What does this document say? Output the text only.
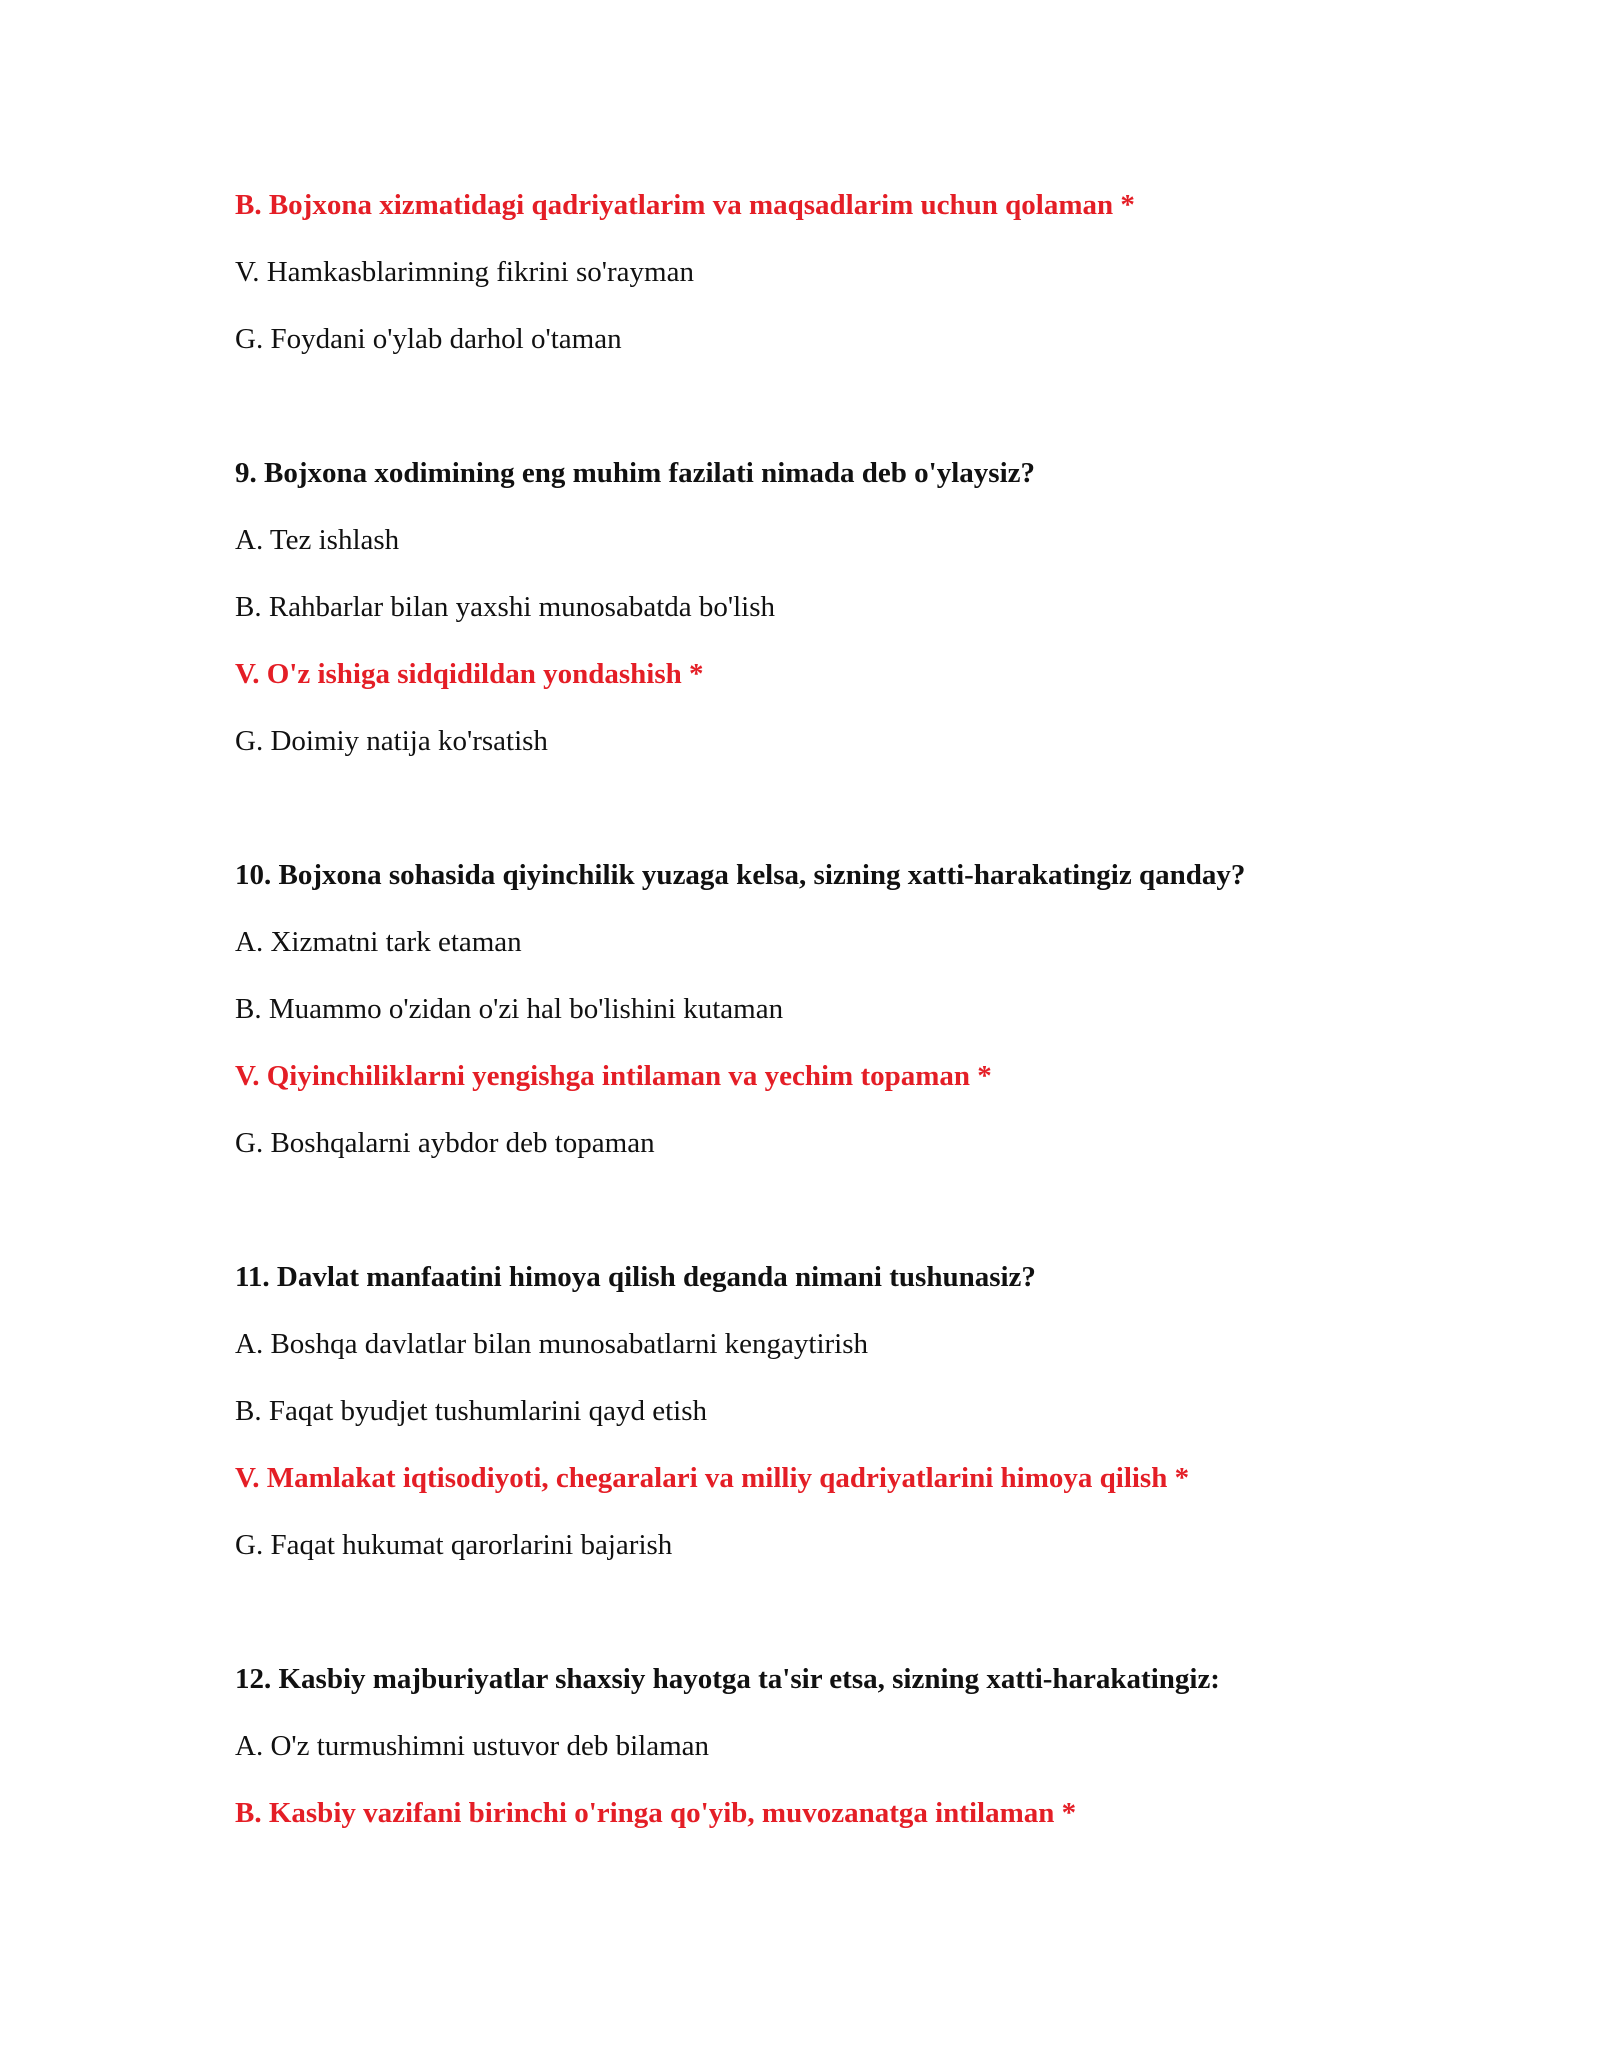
B. Bojxona xizmatidagi qadriyatlarim va maqsadlarim uchun qolaman *
V. Hamkasblarimning fikrini so'rayman
G. Foydani o'ylab darhol o'taman
9. Bojxona xodimining eng muhim fazilati nimada deb o'ylaysiz?
A. Tez ishlash
B. Rahbarlar bilan yaxshi munosabatda bo'lish
V. O'z ishiga sidqidildan yondashish *
G. Doimiy natija ko'rsatish
10. Bojxona sohasida qiyinchilik yuzaga kelsa, sizning xatti-harakatingiz qanday?
A. Xizmatni tark etaman
B. Muammo o'zidan o'zi hal bo'lishini kutaman
V. Qiyinchiliklarni yengishga intilaman va yechim topaman *
G. Boshqalarni aybdor deb topaman
11. Davlat manfaatini himoya qilish deganda nimani tushunasiz?
A. Boshqa davlatlar bilan munosabatlarni kengaytirish
B. Faqat byudjet tushumlarini qayd etish
V. Mamlakat iqtisodiyoti, chegaralari va milliy qadriyatlarini himoya qilish *
G. Faqat hukumat qarorlarini bajarish
12. Kasbiy majburiyatlar shaxsiy hayotga ta'sir etsa, sizning xatti-harakatingiz:
A. O'z turmushimni ustuvor deb bilaman
B. Kasbiy vazifani birinchi o'ringa qo'yib, muvozanatga intilaman *
